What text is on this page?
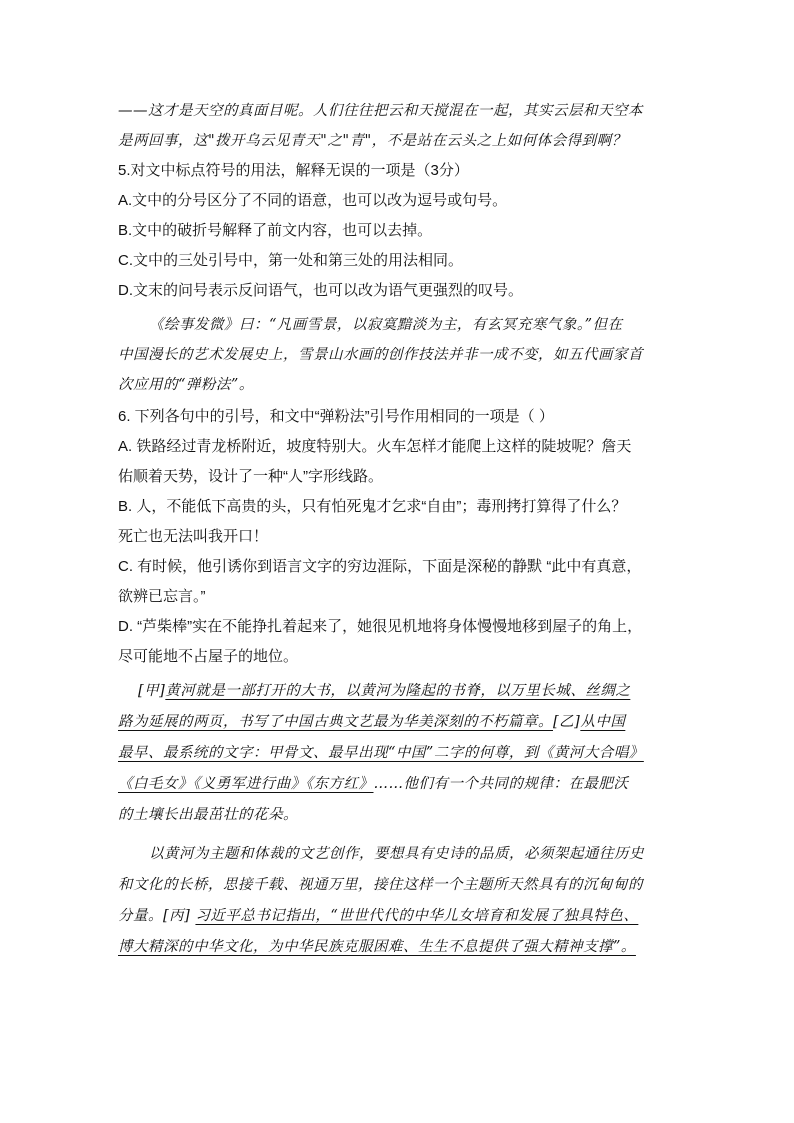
——这才是天空的真面目呢。人们往往把云和天搅混在一起，其实云层和天空本
是两回事，这"拨开乌云见青天"之"青"，不是站在云头之上如何体会得到啊？
5.对文中标点符号的用法，解释无误的一项是（3分）
A.文中的分号区分了不同的语意，也可以改为逗号或句号。
B.文中的破折号解释了前文内容，也可以去掉。
C.文中的三处引号中，第一处和第三处的用法相同。
D.文末的问号表示反问语气，也可以改为语气更强烈的叹号。
《绘事发微》曰：“凡画雪景，以寂寞黯淡为主，有玄冥充寒气象。”但在
中国漫长的艺术发展史上，雪景山水画的创作技法并非一成不变，如五代画家首
次应用的“弹粉法”。
6. 下列各句中的引号，和文中“弹粉法”引号作用相同的一项是（ ）
A. 铁路经过青龙桥附近，坡度特别大。火车怎样才能爬上这样的陡坡呢？詹天
佑顺着天势，设计了一种“人”字形线路。
B. 人，不能低下高贵的头，只有怕死鬼才乞求“自由”；毒刑拷打算得了什么？
死亡也无法叫我开口！
C. 有时候，他引诱你到语言文字的穷边涯际，下面是深秘的静默 “此中有真意，
欲辨已忘言。”
D. “芦柴棒”实在不能挣扎着起来了，她很见机地将身体慢慢地移到屋子的角上，
尽可能地不占屋子的地位。
[甲]黄河就是一部打开的大书，以黄河为隆起的书脊，以万里长城、丝绸之
路为延展的两页，书写了中国古典文艺最为华美深刻的不朽篇章。[乙]从中国
最早、最系统的文字：甲骨文、最早出现“中国”二字的何尊，到《黄河大合唱》
《白毛女》《义勇军进行曲》《东方红》……他们有一个共同的规律：在最肥沃
的土壤长出最茁壮的花朵。
以黄河为主题和体裁的文艺创作，要想具有史诗的品质，必须架起通往历史
和文化的长桥，思接千载、视通万里，接住这样一个主题所天然具有的沉甸甸的
分量。[丙] 习近平总书记指出，“世世代代的中华儿女培育和发展了独具特色、
博大精深的中华文化，为中华民族克服困难、生生不息提供了强大精神支撑”。
